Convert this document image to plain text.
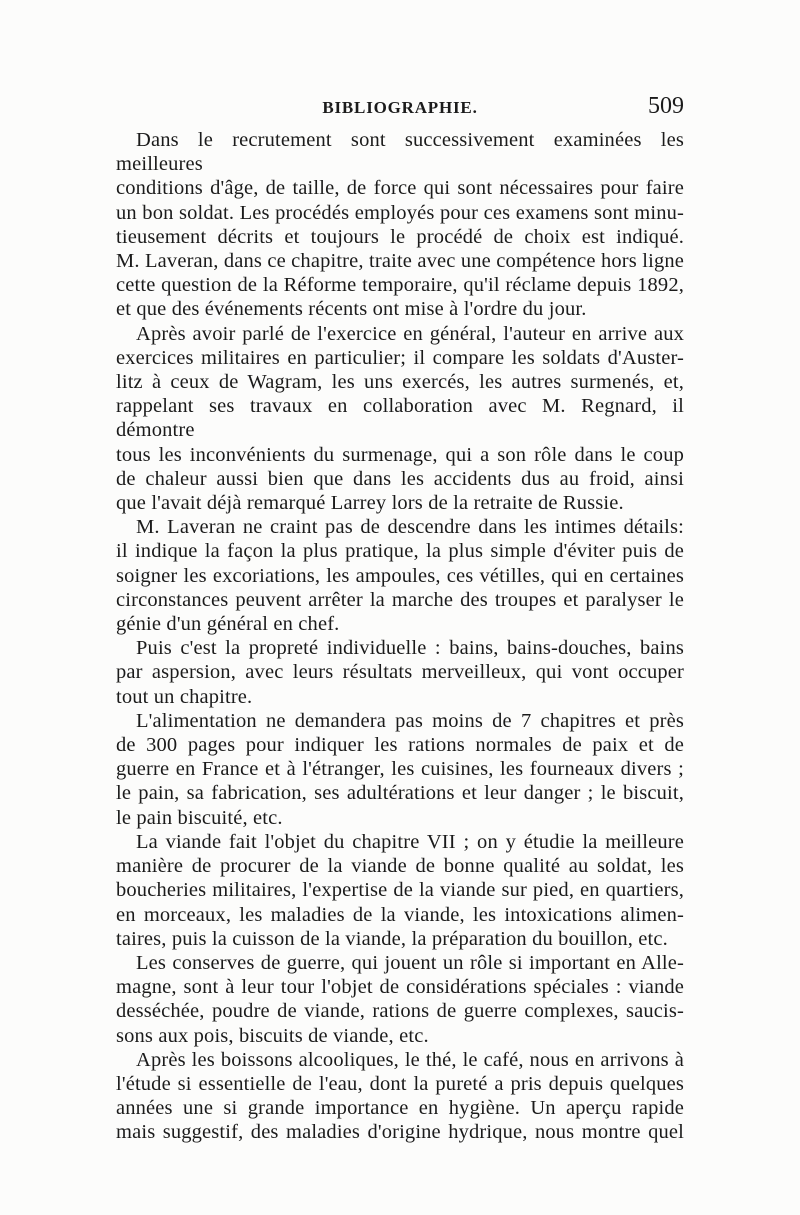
BIBLIOGRAPHIE.	509

Dans le recrutement sont successivement examinées les meilleures
conditions d'âge, de taille, de force qui sont nécessaires pour faire
un bon soldat. Les procédés employés pour ces examens sont minu-
tieusement décrits et toujours le procédé de choix est indiqué.
M. Laveran, dans ce chapitre, traite avec une compétence hors ligne
cette question de la Réforme temporaire, qu'il réclame depuis 1892,
et que des événements récents ont mise à l'ordre du jour.

Après avoir parlé de l'exercice en général, l'auteur en arrive aux
exercices militaires en particulier; il compare les soldats d'Auster-
litz à ceux de Wagram, les uns exercés, les autres surmenés, et,
rappelant ses travaux en collaboration avec M. Regnard, il démontre
tous les inconvénients du surmenage, qui a son rôle dans le coup
de chaleur aussi bien que dans les accidents dus au froid, ainsi
que l'avait déjà remarqué Larrey lors de la retraite de Russie.

M. Laveran ne craint pas de descendre dans les intimes détails:
il indique la façon la plus pratique, la plus simple d'éviter puis de
soigner les excoriations, les ampoules, ces vétilles, qui en certaines
circonstances peuvent arrêter la marche des troupes et paralyser le
génie d'un général en chef.

Puis c'est la propreté individuelle : bains, bains-douches, bains
par aspersion, avec leurs résultats merveilleux, qui vont occuper
tout un chapitre.

L'alimentation ne demandera pas moins de 7 chapitres et près
de 300 pages pour indiquer les rations normales de paix et de
guerre en France et à l'étranger, les cuisines, les fourneaux divers ;
le pain, sa fabrication, ses adultérations et leur danger ; le biscuit,
le pain biscuité, etc.

La viande fait l'objet du chapitre VII ; on y étudie la meilleure
manière de procurer de la viande de bonne qualité au soldat, les
boucheries militaires, l'expertise de la viande sur pied, en quartiers,
en morceaux, les maladies de la viande, les intoxications alimen-
taires, puis la cuisson de la viande, la préparation du bouillon, etc.

Les conserves de guerre, qui jouent un rôle si important en Alle-
magne, sont à leur tour l'objet de considérations spéciales : viande
desséchée, poudre de viande, rations de guerre complexes, saucis-
sons aux pois, biscuits de viande, etc.

Après les boissons alcooliques, le thé, le café, nous en arrivons à
l'étude si essentielle de l'eau, dont la pureté a pris depuis quelques
années une si grande importance en hygiène. Un aperçu rapide
mais suggestif, des maladies d'origine hydrique, nous montre quel
